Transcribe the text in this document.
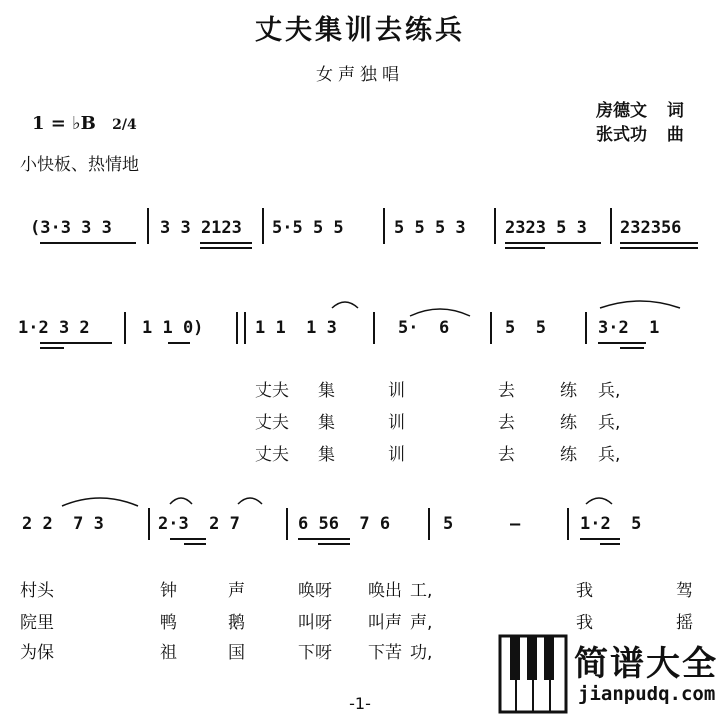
丈夫集训去练兵
女声独唱
1 = ♭B 2/4
小快板、热情地
房德文 词
张式功 曲
(3·3 3 3	3 3 2123 5·5 5 5	5 5 5 3 2323 5 3 232356
1·2 3 2	1 1 0)	1 1  1 3	5·  6	5  5	3·2  1
丈夫 集	训	去	练 兵,
丈夫 集	训	去	练 兵,
丈夫 集	训	去	练 兵,
2 2  7 3	2·3  2 7	6 56  7 6	5	—	1·2  5
村头	钟	声	唤呀 唤出 工,	我	驾
院里	鸭	鹅	叫呀 叫声 声,	我	摇
为保	祖	国	下呀 下苦 功,	简谱大全
jianpudq.com
-1-
